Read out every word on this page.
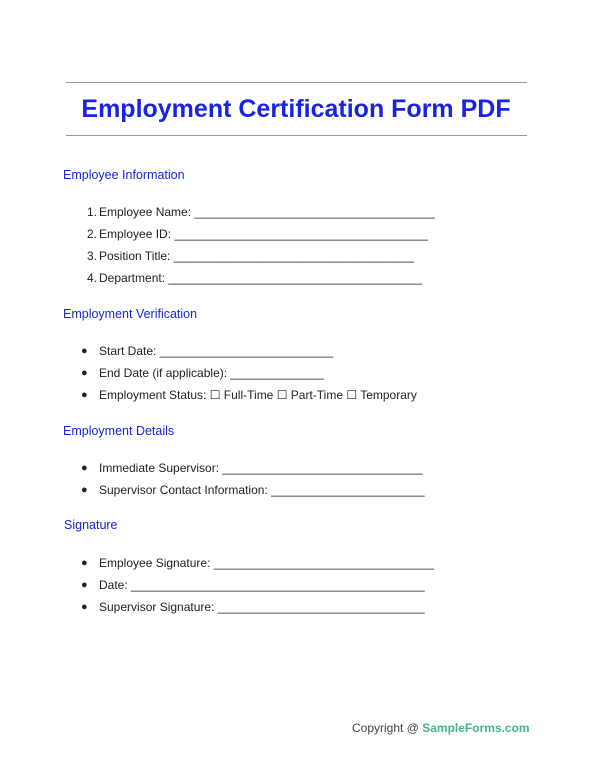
Employment Certification Form PDF
Employee Information
1. Employee Name: ____________________________________
2. Employee ID: ______________________________________
3. Position Title: ____________________________________
4. Department: ______________________________________
Employment Verification
● Start Date: __________________________
● End Date (if applicable): ______________
● Employment Status: ☐ Full-Time ☐ Part-Time ☐ Temporary
Employment Details
● Immediate Supervisor: ______________________________
● Supervisor Contact Information: _______________________
Signature
● Employee Signature: _________________________________
● Date: ____________________________________________
● Supervisor Signature: _______________________________
Copyright @ SampleForms.com
